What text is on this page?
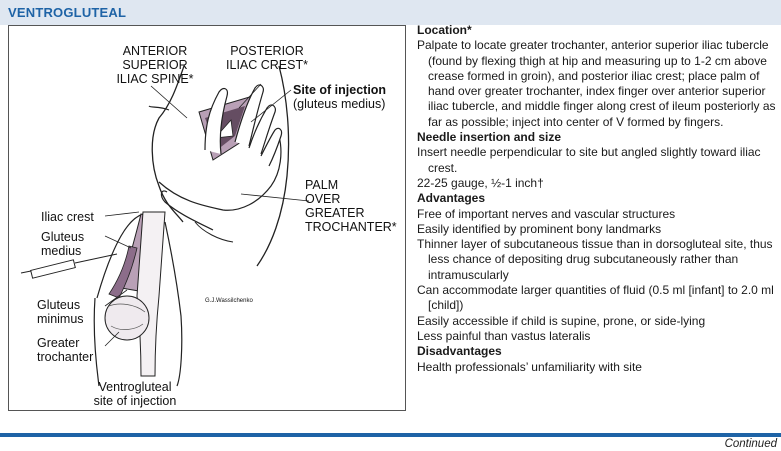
VENTROGLUTEAL
ANTERIOR SUPERIOR
ILIAC SPINE*
POSTERIOR
ILIAC CREST*
Site of injection
(gluteus medius)
PALM
OVER
GREATER
TROCHANTER*
Iliac crest
Gluteus
medius
Gluteus
minimus
Greater
trochanter
Ventrogluteal
site of injection
G.J.Wassilchenko
Location*
Palpate to locate greater trochanter, anterior superior iliac tubercle (found by flexing thigh at hip and measuring up to 1-2 cm above crease formed in groin), and posterior iliac crest; place palm of hand over greater trochanter, index finger over anterior superior iliac tubercle, and middle finger along crest of ileum posteriorly as far as possible; inject into center of V formed by fingers.
Needle insertion and size
Insert needle perpendicular to site but angled slightly toward iliac crest.
22-25 gauge, ½-1 inch†
Advantages
Free of important nerves and vascular structures
Easily identified by prominent bony landmarks
Thinner layer of subcutaneous tissue than in dorsogluteal site, thus less chance of depositing drug subcutaneously rather than intramuscularly
Can accommodate larger quantities of fluid (0.5 ml [infant] to 2.0 ml [child])
Easily accessible if child is supine, prone, or side-lying
Less painful than vastus lateralis
Disadvantages
Health professionals’ unfamiliarity with site
Continued
